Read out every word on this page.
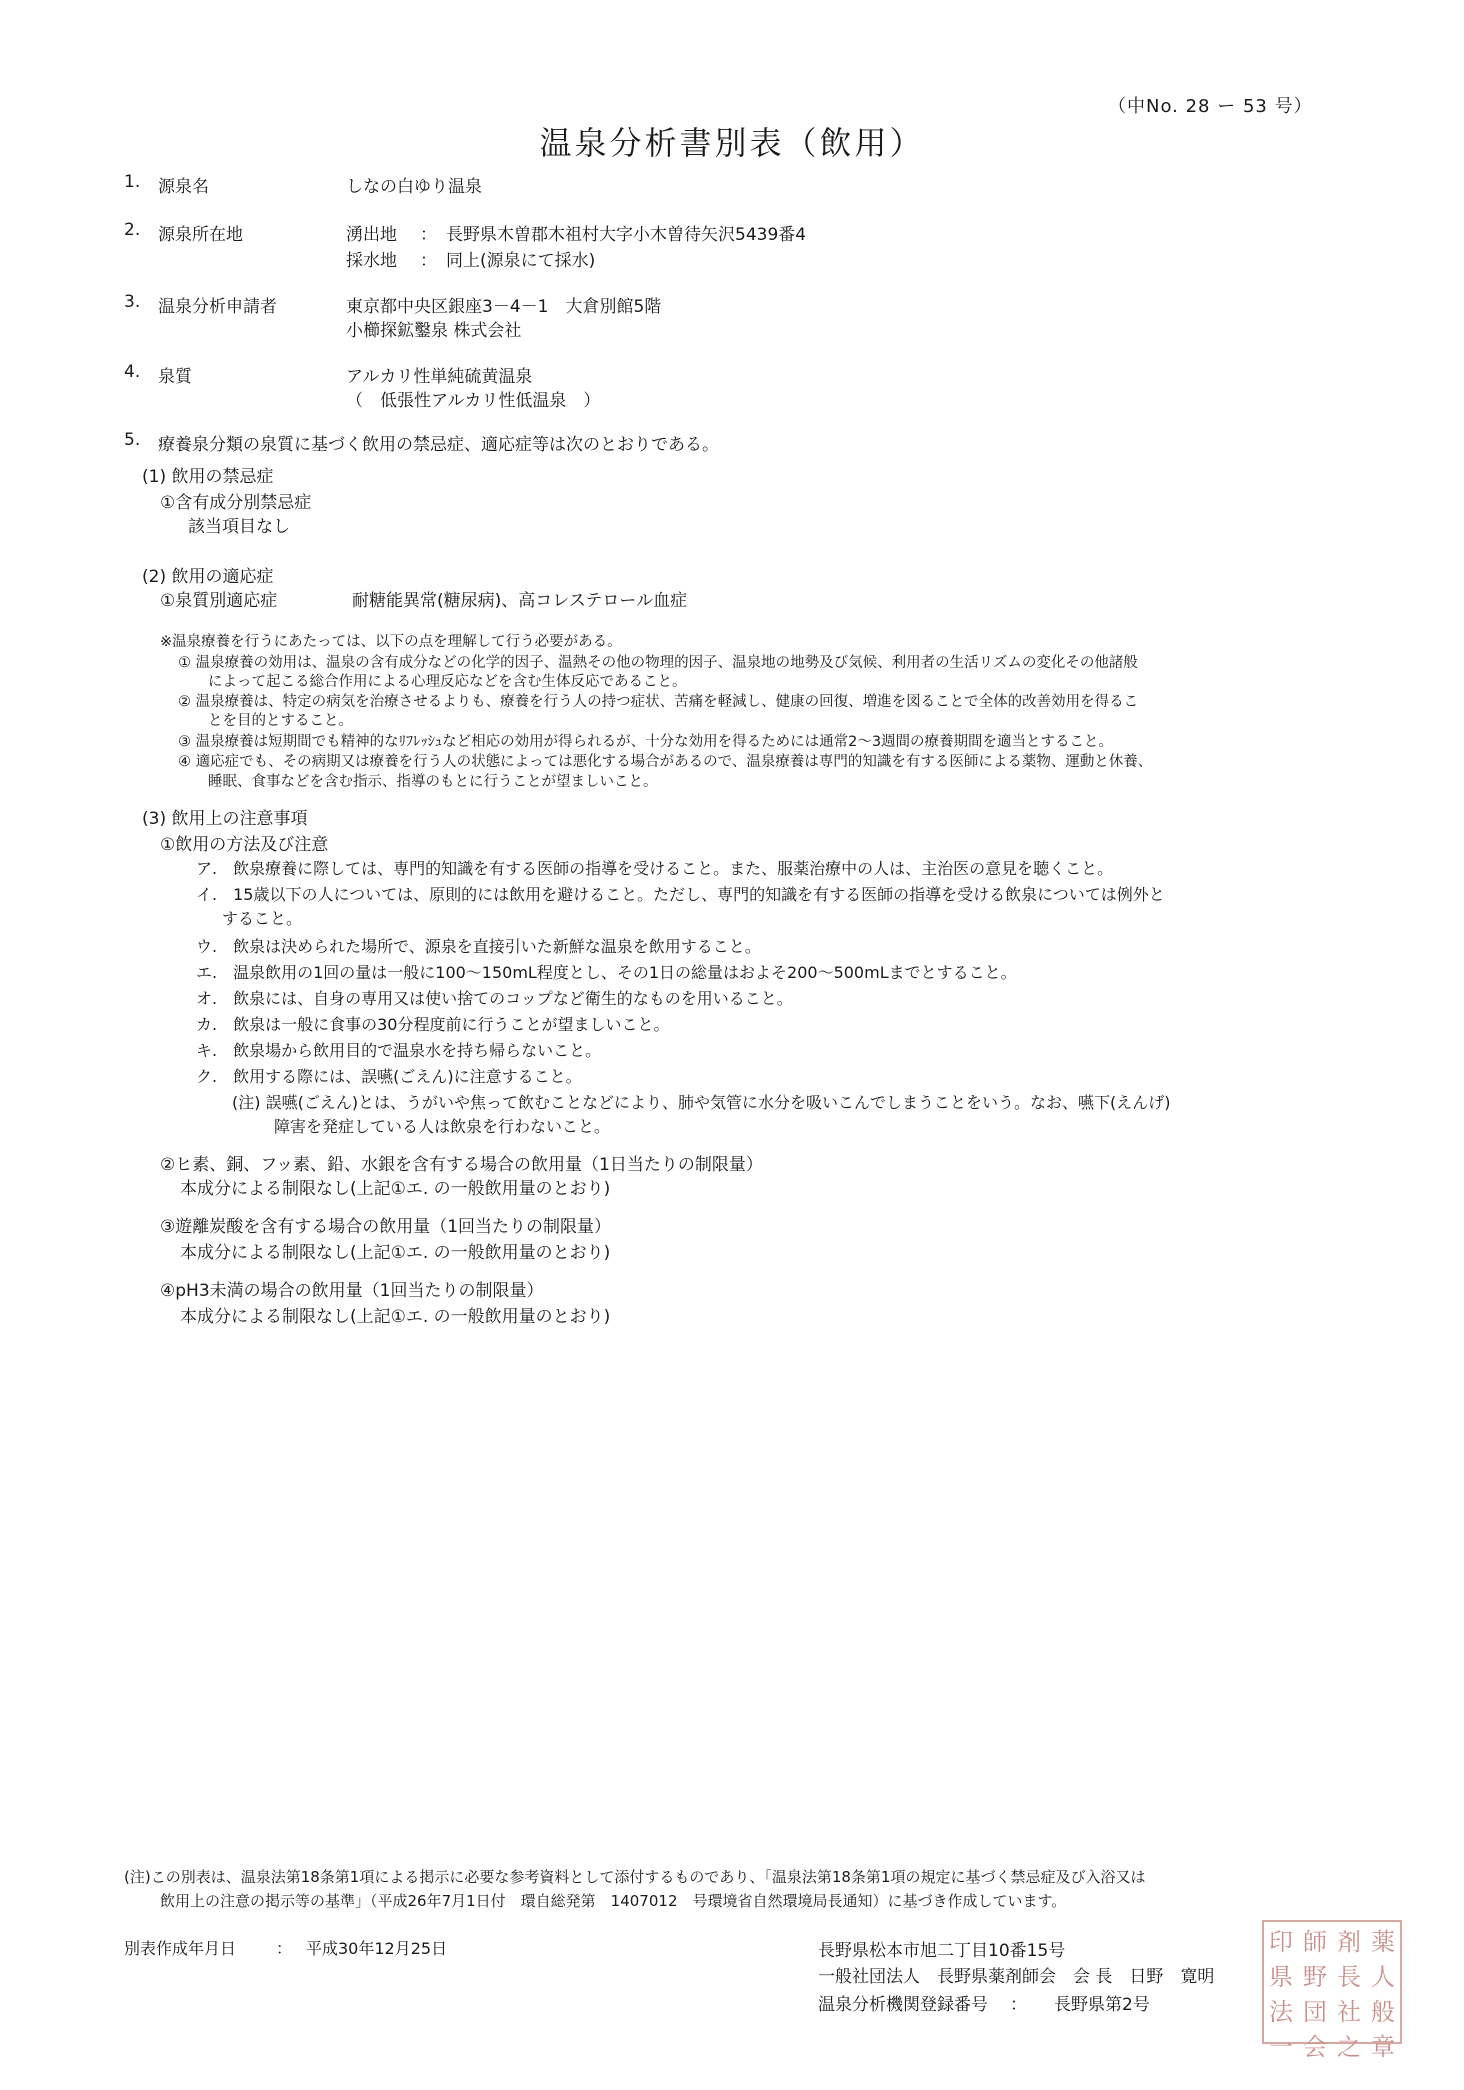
（中No. 28 ー 53 号）
温泉分析書別表（飲用）
1. 源泉名	しなの白ゆり温泉
2. 源泉所在地	湧出地 ： 長野県木曽郡木祖村大字小木曽待矢沢5439番4
採水地 ： 同上(源泉にて採水)
3. 温泉分析申請者	東京都中央区銀座3－4－1　大倉別館5階
小櫛探鉱鑿泉 株式会社
4. 泉質	アルカリ性単純硫黄温泉
（　低張性アルカリ性低温泉　）
5. 療養泉分類の泉質に基づく飲用の禁忌症、適応症等は次のとおりである。
(1) 飲用の禁忌症
①含有成分別禁忌症
該当項目なし
(2) 飲用の適応症
①泉質別適応症	耐糖能異常(糖尿病)、高コレステロール血症
※温泉療養を行うにあたっては、以下の点を理解して行う必要がある。
① 温泉療養の効用は、温泉の含有成分などの化学的因子、温熱その他の物理的因子、温泉地の地勢及び気候、利用者の生活リズムの変化その他諸般
によって起こる総合作用による心理反応などを含む生体反応であること。
② 温泉療養は、特定の病気を治療させるよりも、療養を行う人の持つ症状、苦痛を軽減し、健康の回復、増進を図ることで全体的改善効用を得るこ
とを目的とすること。
③ 温泉療養は短期間でも精神的なﾘﾌﾚｯｼｭなど相応の効用が得られるが、十分な効用を得るためには通常2～3週間の療養期間を適当とすること。
④ 適応症でも、その病期又は療養を行う人の状態によっては悪化する場合があるので、温泉療養は専門的知識を有する医師による薬物、運動と休養、
睡眠、食事などを含む指示、指導のもとに行うことが望ましいこと。
(3) 飲用上の注意事項
①飲用の方法及び注意
ア.　飲泉療養に際しては、専門的知識を有する医師の指導を受けること。また、服薬治療中の人は、主治医の意見を聴くこと。
イ.　15歳以下の人については、原則的には飲用を避けること。ただし、専門的知識を有する医師の指導を受ける飲泉については例外と
すること。
ウ.　飲泉は決められた場所で、源泉を直接引いた新鮮な温泉を飲用すること。
エ.　温泉飲用の1回の量は一般に100～150mL程度とし、その1日の総量はおよそ200～500mLまでとすること。
オ.　飲泉には、自身の専用又は使い捨てのコップなど衛生的なものを用いること。
カ.　飲泉は一般に食事の30分程度前に行うことが望ましいこと。
キ.　飲泉場から飲用目的で温泉水を持ち帰らないこと。
ク.　飲用する際には、誤嚥(ごえん)に注意すること。
(注) 誤嚥(ごえん)とは、うがいや焦って飲むことなどにより、肺や気管に水分を吸いこんでしまうことをいう。なお、嚥下(えんげ)
障害を発症している人は飲泉を行わないこと。
②ヒ素、銅、フッ素、鉛、水銀を含有する場合の飲用量（1日当たりの制限量）
本成分による制限なし(上記①エ. の一般飲用量のとおり)
③遊離炭酸を含有する場合の飲用量（1回当たりの制限量）
本成分による制限なし(上記①エ. の一般飲用量のとおり)
④pH3未満の場合の飲用量（1回当たりの制限量）
本成分による制限なし(上記①エ. の一般飲用量のとおり)
(注)この別表は、温泉法第18条第1項による掲示に必要な参考資料として添付するものであり、「温泉法第18条第1項の規定に基づく禁忌症及び入浴又は
飲用上の注意の掲示等の基準」（平成26年7月1日付　環自総発第　1407012　号環境省自然環境局長通知）に基づき作成しています。
別表作成年月日 ： 平成30年12月25日	長野県松本市旭二丁目10番15号
一般社団法人　長野県薬剤師会　会 長　日野　寛明
温泉分析機関登録番号 ： 長野県第2号
印 師 剤 薬
県 野 長 人
法 団 社 般
一 会 之 章
